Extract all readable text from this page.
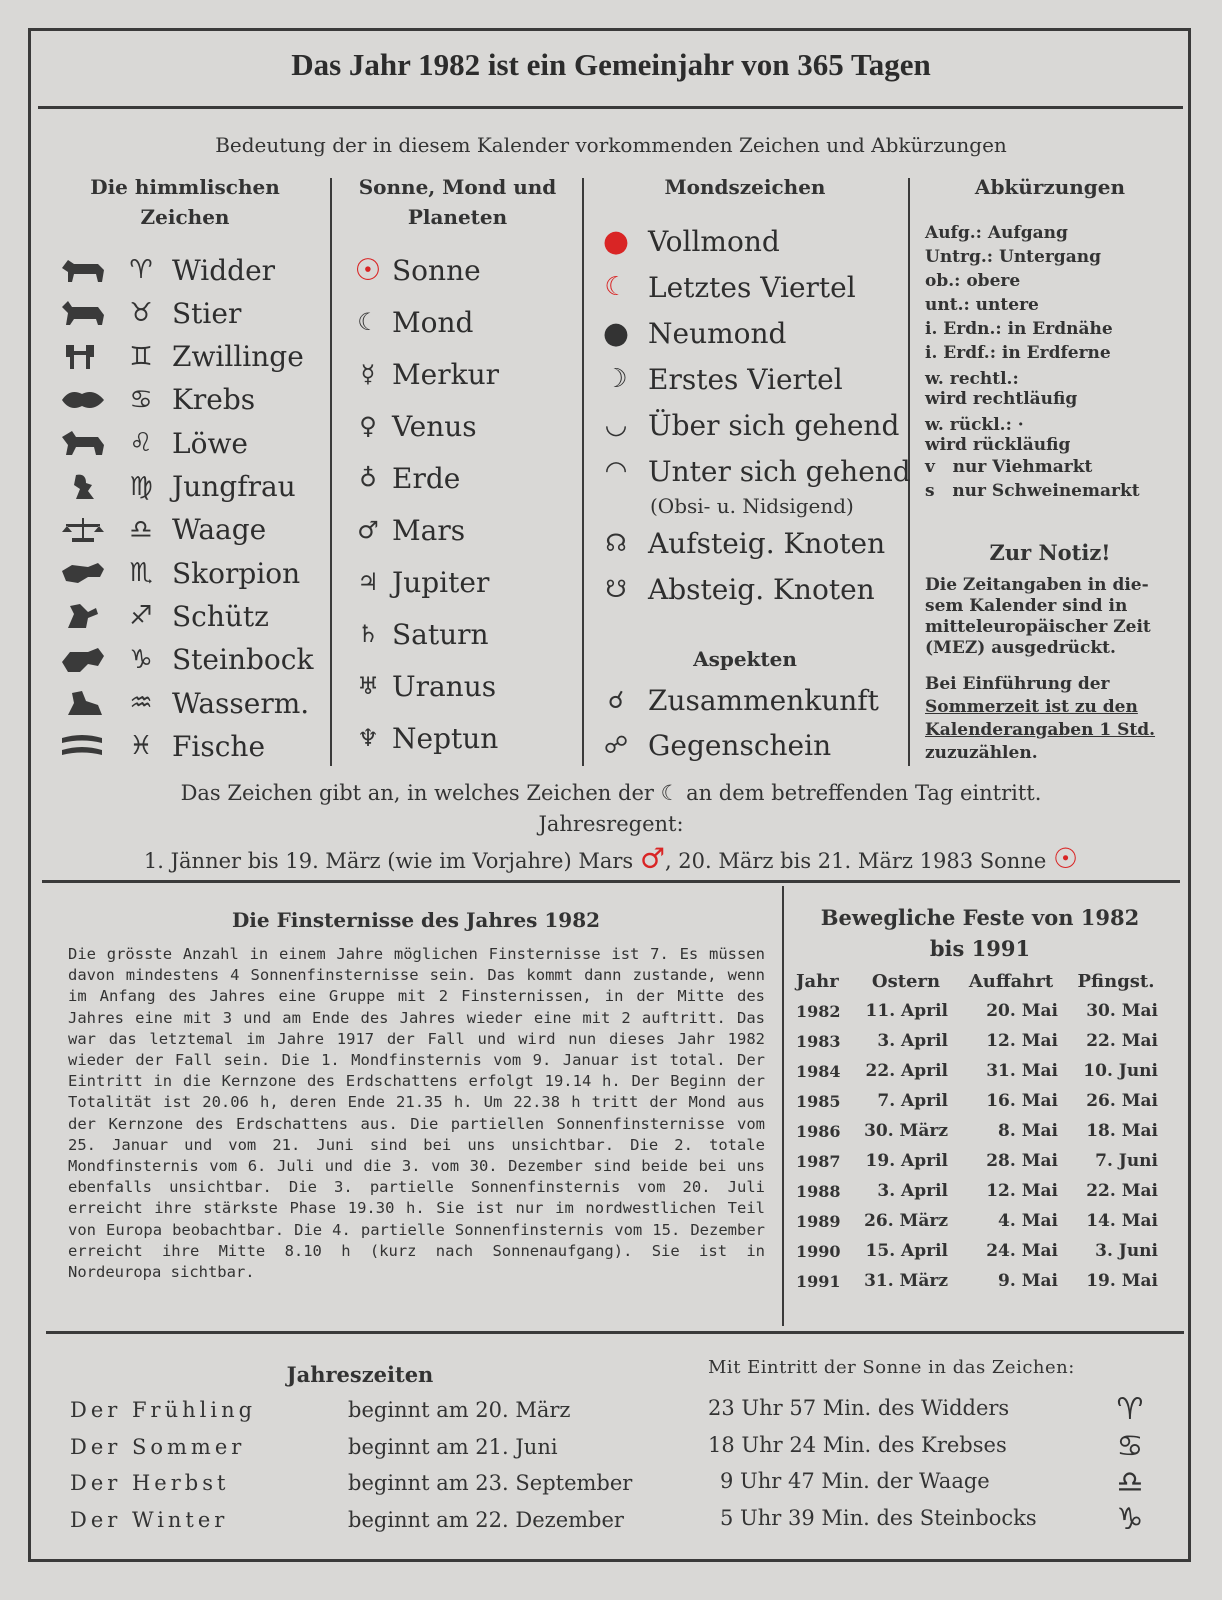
Das Jahr 1982 ist ein Gemeinjahr von 365 Tagen
Bedeutung der in diesem Kalender vorkommenden Zeichen und Abkürzungen
Die himmlischen Zeichen
♈ Widder
♉ Stier
♊ Zwillinge
♋ Krebs
♌ Löwe
♍ Jungfrau
♎ Waage
♏ Skorpion
♐ Schütz
♑ Steinbock
♒ Wasserm.
♓ Fische
Sonne, Mond und Planeten
☉ Sonne
☾ Mond
☿ Merkur
♀ Venus
♁ Erde
♂ Mars
♃ Jupiter
♄ Saturn
♅ Uranus
♆ Neptun
Mondszeichen
● Vollmond
☾ Letztes Viertel
● Neumond
☽ Erstes Viertel
◡ Über sich gehend
◠ Unter sich gehend
(Obsi- u. Nidsigend)
☊ Aufsteig. Knoten
☋ Absteig. Knoten
Aspekten
☌ Zusammenkunft
☍ Gegenschein
Abkürzungen
Aufg.: Aufgang
Untrg.: Untergang
ob.: obere
unt.: untere
i. Erdn.: in Erdnähe
i. Erdf.: in Erdferne
w. rechtl.:
wird rechtläufig
w. rückl.: ·
wird rückläufig
v   nur Viehmarkt
s   nur Schweinemarkt
Zur Notiz!
Die Zeitangaben in die-
sem Kalender sind in
mitteleuropäischer Zeit
(MEZ) ausgedrückt.
Bei Einführung der
Sommerzeit ist zu den
Kalenderangaben 1 Std.
zuzuzählen.
Das Zeichen gibt an, in welches Zeichen der ☾ an dem betreffenden Tag eintritt.
Jahresregent:
1. Jänner bis 19. März (wie im Vorjahre) Mars ♂, 20. März bis 21. März 1983 Sonne ☉
Die Finsternisse des Jahres 1982
Die grösste Anzahl in einem Jahre möglichen Finsternisse ist 7. Es müssen davon mindestens 4 Sonnenfinsternisse sein. Das kommt dann zustande, wenn im Anfang des Jahres eine Gruppe mit 2 Finsternissen, in der Mitte des Jahres eine mit 3 und am Ende des Jahres wieder eine mit 2 auftritt. Das war das letztemal im Jahre 1917 der Fall und wird nun dieses Jahr 1982 wieder der Fall sein. Die 1. Mondfinsternis vom 9. Januar ist total. Der Eintritt in die Kernzone des Erdschattens erfolgt 19.14 h. Der Beginn der Totalität ist 20.06 h, deren Ende 21.35 h. Um 22.38 h tritt der Mond aus der Kernzone des Erdschattens aus. Die partiellen Sonnenfinsternisse vom 25. Januar und vom 21. Juni sind bei uns unsichtbar. Die 2. totale Mondfinsternis vom 6. Juli und die 3. vom 30. Dezember sind beide bei uns ebenfalls unsichtbar. Die 3. partielle Sonnenfinsternis vom 20. Juli erreicht ihre stärkste Phase 19.30 h. Sie ist nur im nordwestlichen Teil von Europa beobachtbar. Die 4. partielle Sonnenfinsternis vom 15. Dezember erreicht ihre Mitte 8.10 h (kurz nach Sonnenaufgang). Sie ist in Nordeuropa sichtbar.
Bewegliche Feste von 1982
bis 1991
Jahr	Ostern	Auffahrt	Pfingst.
1982	11. April	20. Mai	30. Mai
1983	3. April	12. Mai	22. Mai
1984	22. April	31. Mai	10. Juni
1985	7. April	16. Mai	26. Mai
1986	30. März	8. Mai	18. Mai
1987	19. April	28. Mai	7. Juni
1988	3. April	12. Mai	22. Mai
1989	26. März	4. Mai	14. Mai
1990	15. April	24. Mai	3. Juni
1991	31. März	9. Mai	19. Mai
Jahreszeiten	Mit Eintritt der Sonne in das Zeichen:
Der Frühling	beginnt am 20. März	23 Uhr 57 Min. des Widders	♈
Der Sommer	beginnt am 21. Juni	18 Uhr 24 Min. des Krebses	♋
Der Herbst	beginnt am 23. September	9 Uhr 47 Min. der Waage	♎
Der Winter	beginnt am 22. Dezember	5 Uhr 39 Min. des Steinbocks	♑
